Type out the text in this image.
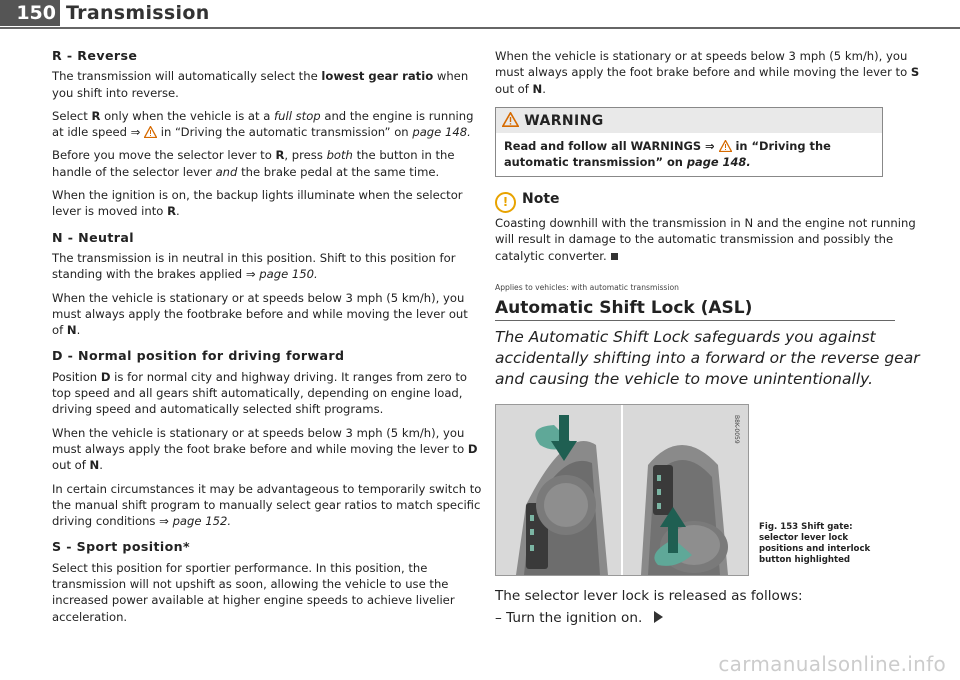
150 Transmission
R - Reverse

The transmission will automatically select the lowest gear ratio when you shift into reverse.

Select R only when the vehicle is at a full stop and the engine is running at idle speed ⇒  in “Driving the automatic transmission” on page 148.

Before you move the selector lever to R, press both the button in the handle of the selector lever and the brake pedal at the same time.

When the ignition is on, the backup lights illuminate when the selector lever is moved into R.

N - Neutral

The transmission is in neutral in this position. Shift to this position for standing with the brakes applied ⇒ page 150.

When the vehicle is stationary or at speeds below 3 mph (5 km/h), you must always apply the footbrake before and while moving the lever out of N.

D - Normal position for driving forward

Position D is for normal city and highway driving. It ranges from zero to top speed and all gears shift automatically, depending on engine load, driving speed and automatically selected shift programs.

When the vehicle is stationary or at speeds below 3 mph (5 km/h), you must always apply the foot brake before and while moving the lever to D out of N.

In certain circumstances it may be advantageous to temporarily switch to the manual shift program to manually select gear ratios to match specific driving conditions ⇒ page 152.

S - Sport position*

Select this position for sportier performance. In this position, the transmission will not upshift as soon, allowing the vehicle to use the increased power available at higher engine speeds to achieve livelier acceleration.

When the vehicle is stationary or at speeds below 3 mph (5 km/h), you must always apply the foot brake before and while moving the lever to S out of N.

WARNING
Read and follow all WARNINGS ⇒  in “Driving the automatic transmission” on page 148.
! Note

Coasting downhill with the transmission in N and the engine not running will result in damage to the automatic transmission and possibly the catalytic converter.

Applies to vehicles: with automatic transmission
Automatic Shift Lock (ASL)
The Automatic Shift Lock safeguards you against accidentally shifting into a forward or the reverse gear and causing the vehicle to move unintentionally.
B8K-0059
Fig. 153 Shift gate: selector lever lock positions and interlock button highlighted

The selector lever lock is released as follows:

– Turn the ignition on.

carmanualsonline.info
